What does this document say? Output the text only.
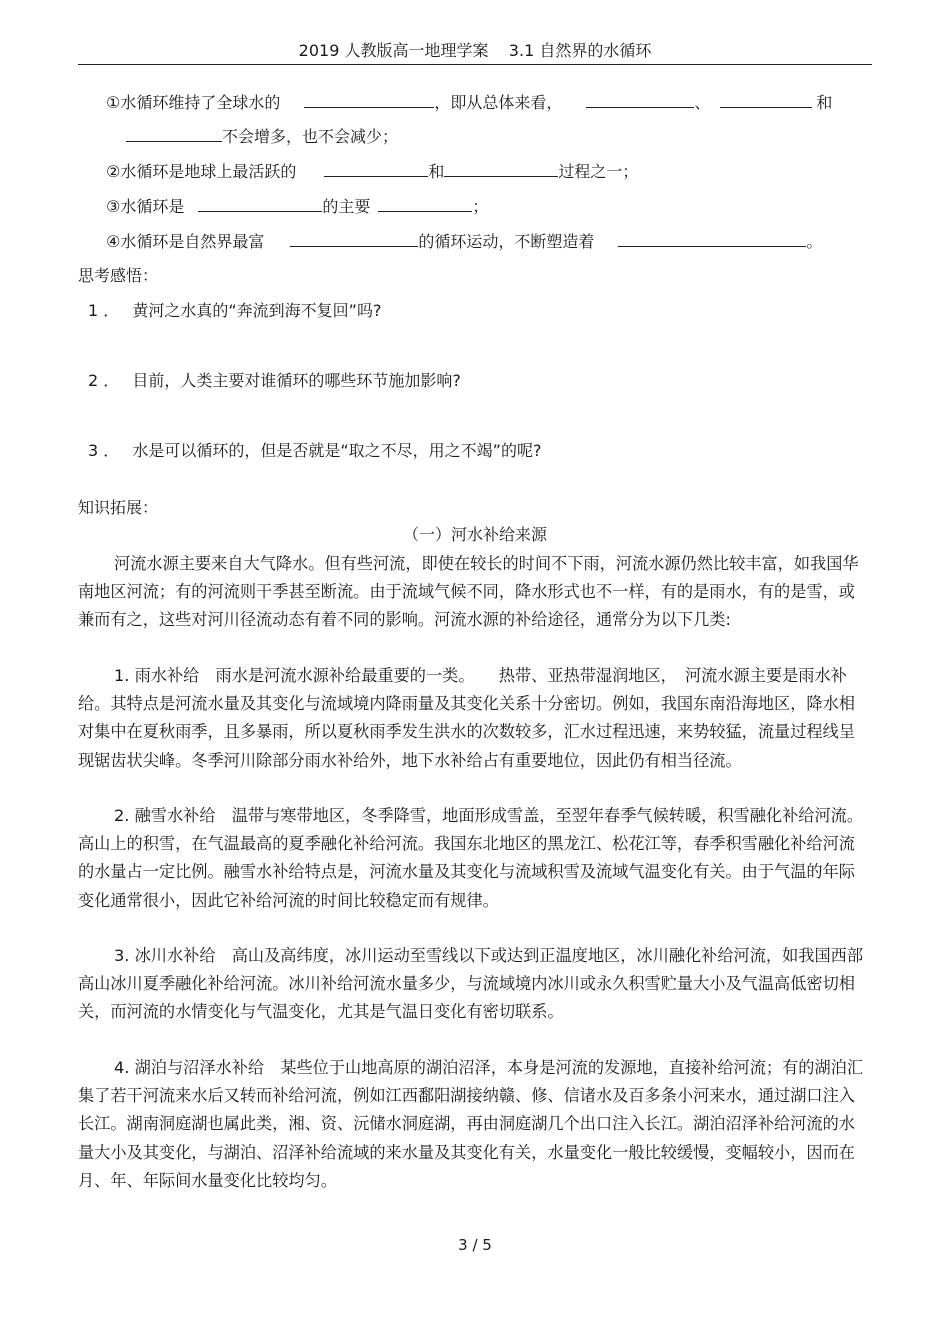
2019 人教版高一地理学案    3.1 自然界的水循环
①水循环维持了全球水的	，即从总体来看，	、	和
不会增多，也不会减少；
②水循环是地球上最活跃的	和	过程之一；
③水循环是	的主要	；
④水循环是自然界最富	的循环运动，不断塑造着	。
思考感悟：
1 ． 黄河之水真的“奔流到海不复回”吗?
2 ． 目前，人类主要对谁循环的哪些环节施加影响?
3 ． 水是可以循环的，但是否就是“取之不尽，用之不竭”的呢?
知识拓展：
（一）河水补给来源
河流水源主要来自大气降水。但有些河流，即使在较长的时间不下雨，河流水源仍然比较丰富，如我国华南地区河流；有的河流则干季甚至断流。由于流域气候不同，降水形式也不一样，有的是雨水，有的是雪，或兼而有之，这些对河川径流动态有着不同的影响。河流水源的补给途径，通常分为以下几类:
1. 雨水补给　 雨水是河流水源补给最重要的一类。　　热带、亚热带湿润地区，　河流水源主要是雨水补给。其特点是河流水量及其变化与流域境内降雨量及其变化关系十分密切。例如，我国东南沿海地区，降水相对集中在夏秋雨季，且多暴雨，所以夏秋雨季发生洪水的次数较多，汇水过程迅速，来势较猛，流量过程线呈现锯齿状尖峰。冬季河川除部分雨水补给外，地下水补给占有重要地位，因此仍有相当径流。
2. 融雪水补给　 温带与寒带地区，冬季降雪，地面形成雪盖，至翌年春季气候转暖，积雪融化补给河流。高山上的积雪，在气温最高的夏季融化补给河流。我国东北地区的黑龙江、松花江等，春季积雪融化补给河流的水量占一定比例。融雪水补给特点是，河流水量及其变化与流域积雪及流域气温变化有关。由于气温的年际变化通常很小，因此它补给河流的时间比较稳定而有规律。
3. 冰川水补给　 高山及高纬度，冰川运动至雪线以下或达到正温度地区，冰川融化补给河流，如我国西部高山冰川夏季融化补给河流。冰川补给河流水量多少，与流域境内冰川或永久积雪贮量大小及气温高低密切相关，而河流的水情变化与气温变化，尤其是气温日变化有密切联系。
4. 湖泊与沼泽水补给　 某些位于山地高原的湖泊沼泽，本身是河流的发源地，直接补给河流；有的湖泊汇集了若干河流来水后又转而补给河流，例如江西鄱阳湖接纳赣、修、信诸水及百多条小河来水，通过湖口注入长江。湖南洞庭湖也属此类，湘、资、沅储水洞庭湖，再由洞庭湖几个出口注入长江。湖泊沼泽补给河流的水量大小及其变化，与湖泊、沼泽补给流域的来水量及其变化有关，水量变化一般比较缓慢，变幅较小，因而在月、年、年际间水量变化比较均匀。
3 / 5
